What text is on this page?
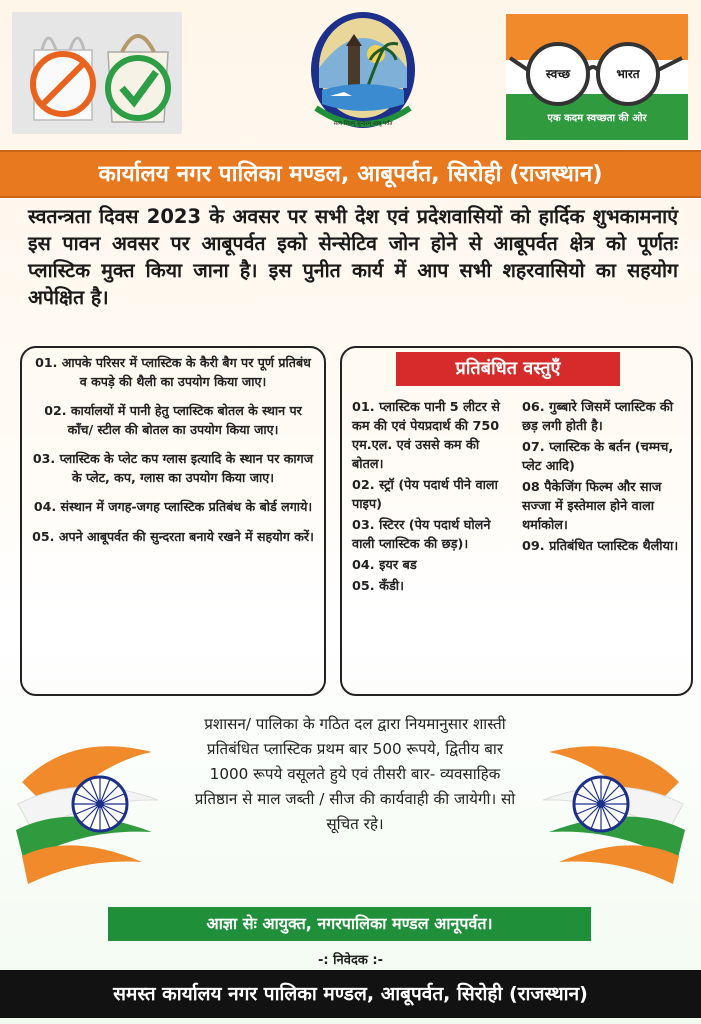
सत्य शिवम् सुन्दरम् आबू पर्वत
स्वच्छ	भारत
एक कदम स्वच्छता की ओर
कार्यालय नगर पालिका मण्डल, आबूपर्वत, सिरोही (राजस्थान)
स्वतन्त्रता दिवस 2023 के अवसर पर सभी देश एवं प्रदेशवासियों को हार्दिक शुभकामनाएं इस पावन अवसर पर आबूपर्वत इको सेन्सेटिव जोन होने से आबूपर्वत क्षेत्र को पूर्णतः प्लास्टिक मुक्त किया जाना है। इस पुनीत कार्य में आप सभी शहरवासियो का सहयोग अपेक्षित है।
01. आपके परिसर में प्लास्टिक के कैरी बैग पर पूर्ण प्रतिबंध व कपड़े की थैली का उपयोग किया जाए।
02. कार्यालयों में पानी हेतु प्लास्टिक बोतल के स्थान पर काँच/ स्टील की बोतल का उपयोग किया जाए।
03. प्लास्टिक के प्लेट कप ग्लास इत्यादि के स्थान पर कागज के प्लेट, कप, ग्लास का उपयोग किया जाए।
04. संस्थान में जगह-जगह प्लास्टिक प्रतिबंध के बोर्ड लगाये।
05. अपने आबूपर्वत की सुन्दरता बनाये रखने में सहयोग करें।
प्रतिबंधित वस्तुएँ
01. प्लास्टिक पानी 5 लीटर से कम की एवं पेयप्रदार्थ की 750 एम.एल. एवं उससे कम की बोतल।
02. स्ट्रॉ (पेय पदार्थ पीने वाला पाइप)
03. स्टिरर (पेय पदार्थ घोलने वाली प्लास्टिक की छड़)।
04. इयर बड
05. कँडी।
06. गुब्बारे जिसमें प्लास्टिक की छड़ लगी होती है।
07. प्लास्टिक के बर्तन (चम्मच, प्लेट आदि)
08 पैकेजिंग फिल्म और साज सज्जा में इस्तेमाल होने वाला थर्माकोल।
09. प्रतिबंधित प्लास्टिक थैलीया।
प्रशासन/ पालिका के गठित दल द्वारा नियमानुसार शास्ती प्रतिबंधित प्लास्टिक प्रथम बार 500 रूपये, द्वितीय बार 1000 रूपये वसूलते हुये एवं तीसरी बार- व्यवसाहिक प्रतिष्ठान से माल जब्ती / सीज की कार्यवाही की जायेगी। सो सूचित रहे।
आज्ञा सेः आयुक्त, नगरपालिका मण्डल आनूपर्वत।
-: निवेदक :-
समस्त कार्यालय नगर पालिका मण्डल, आबूपर्वत, सिरोही (राजस्थान)
